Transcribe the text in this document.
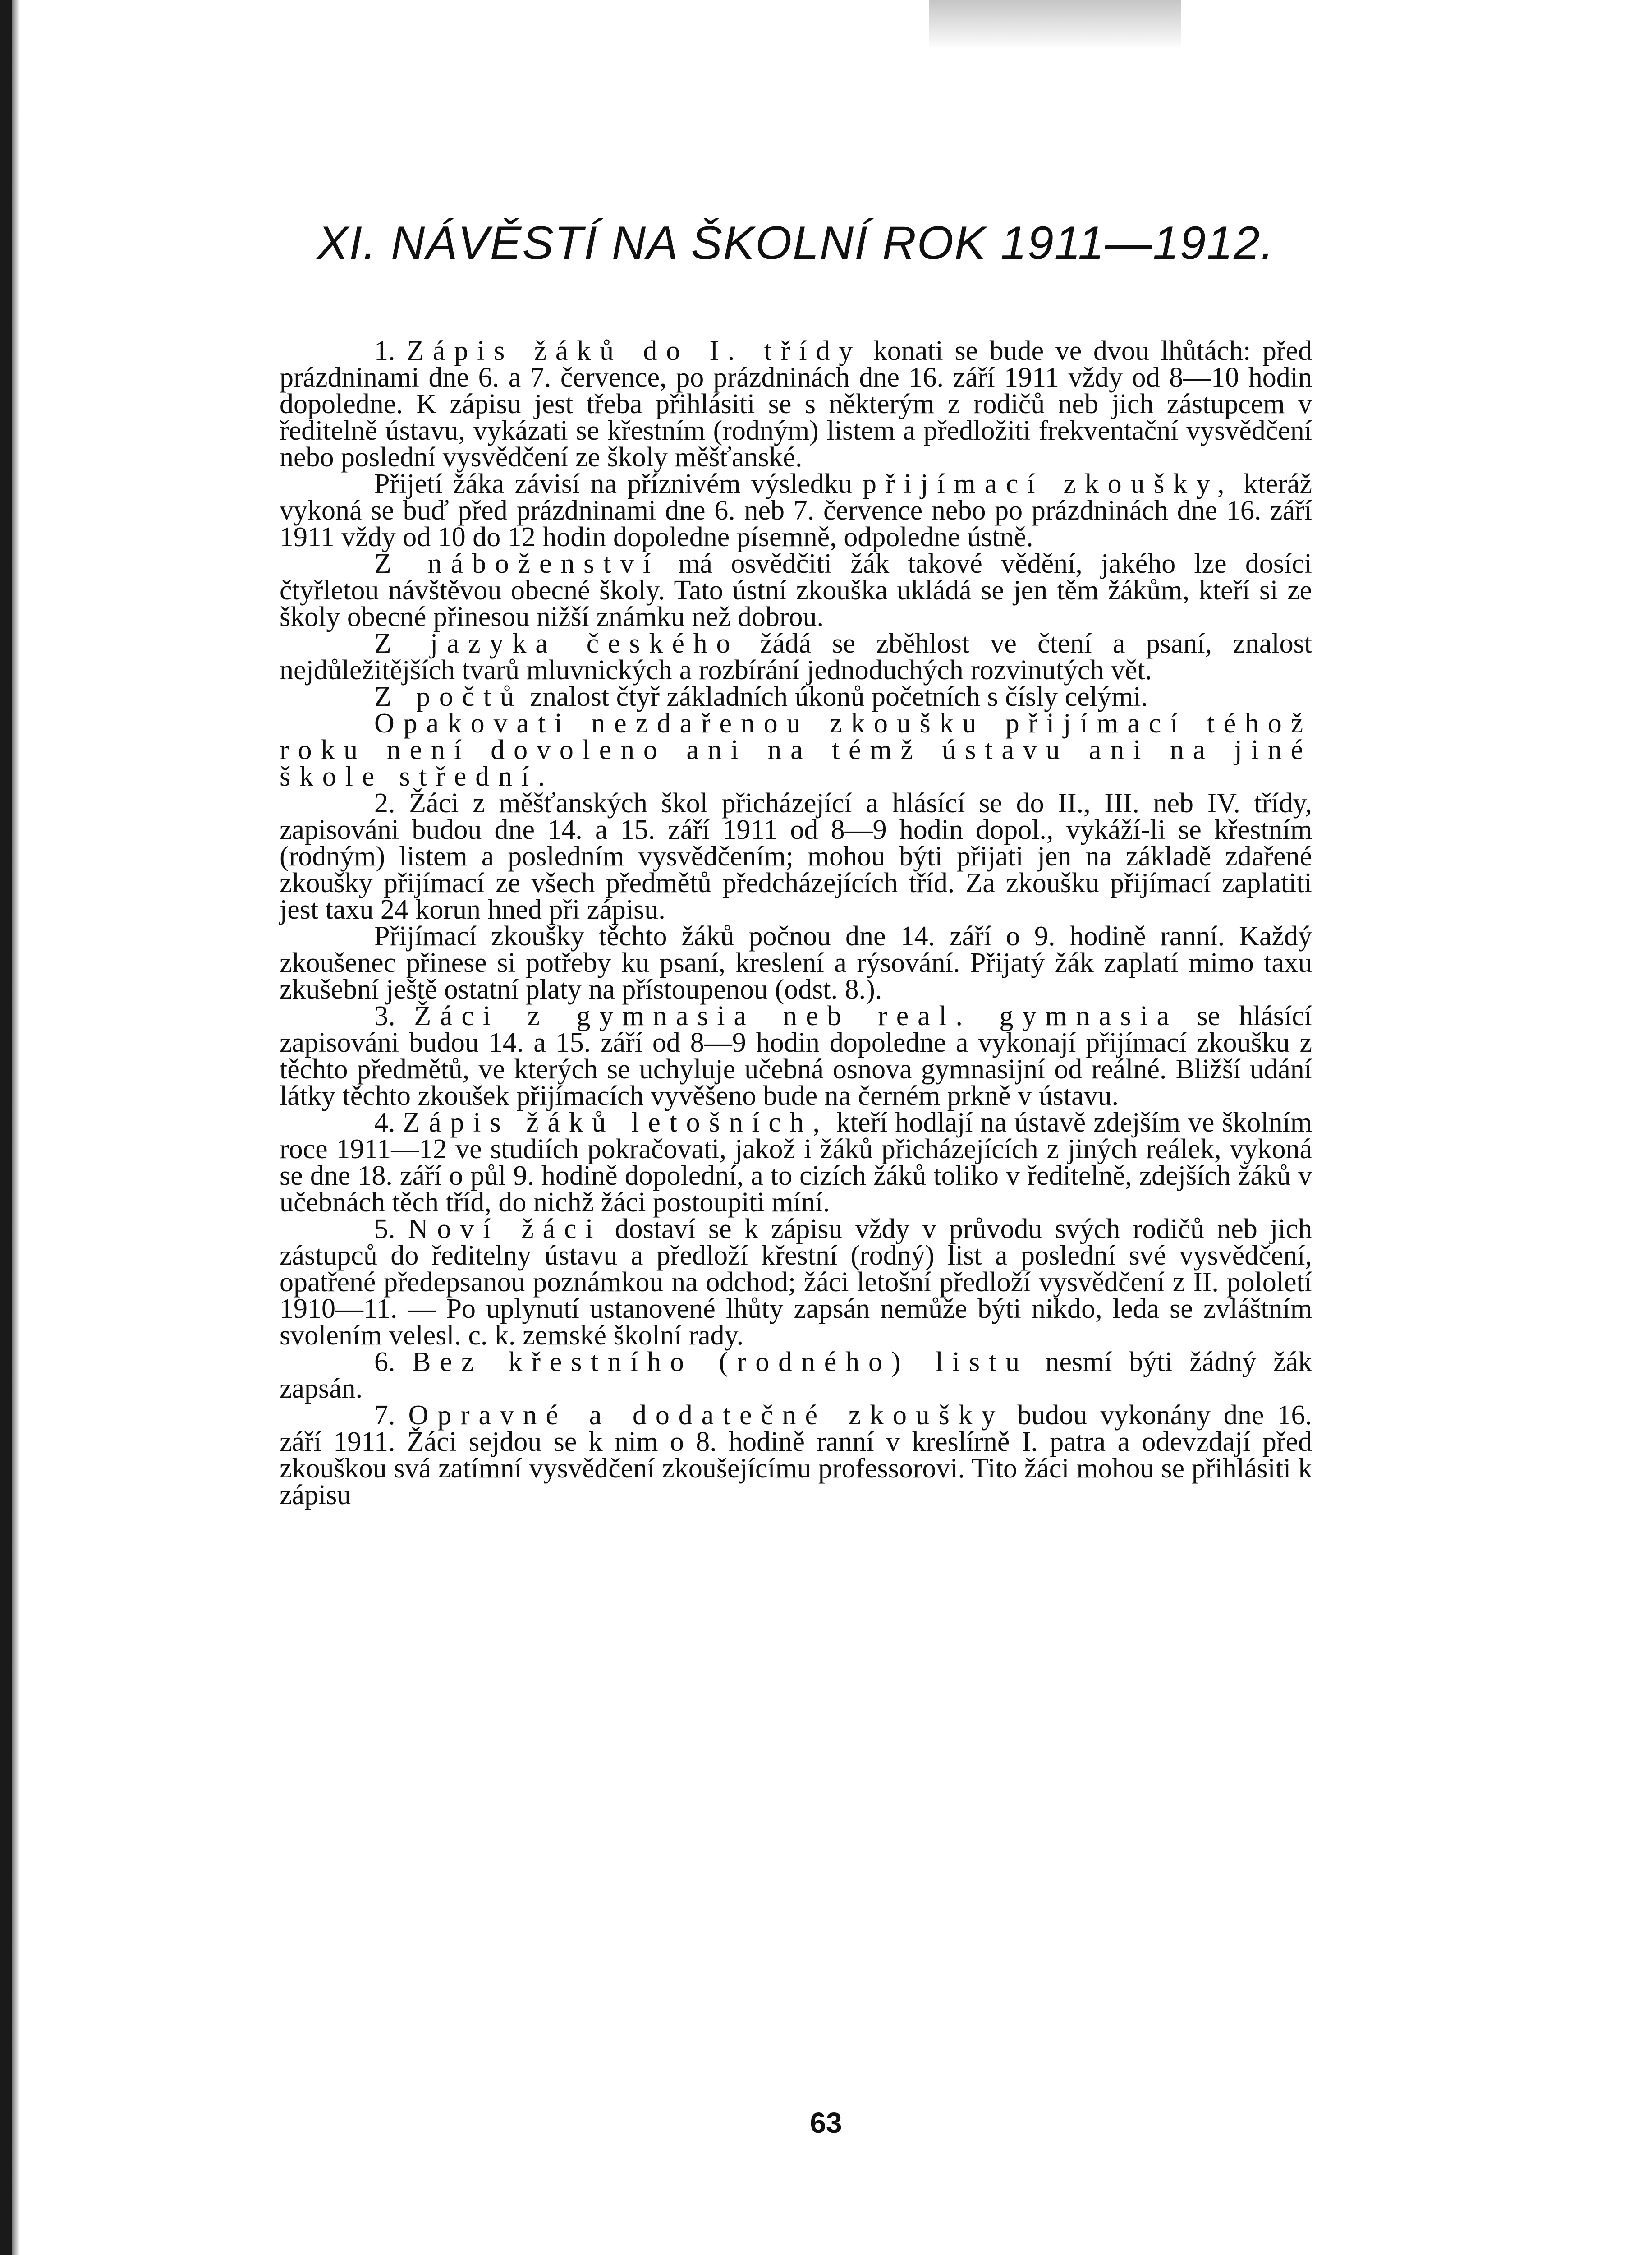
XI. NÁVĚSTÍ NA ŠKOLNÍ ROK 1911—1912.

1. Zápis žáků do I. třídy konati se bude ve dvou lhůtách: před prázdninami dne 6. a 7. července, po prázdninách dne 16. září 1911 vždy od 8—10 hodin dopoledne. K zápisu jest třeba přihlásiti se s některým z rodičů neb jich zástupcem v ředitelně ústavu, vykázati se křestním (rodným) listem a předložiti frekventační vysvědčení nebo poslední vysvědčení ze školy měšťanské.

Přijetí žáka závisí na příznivém výsledku přijímací zkoušky, kteráž vykoná se buď před prázdninami dne 6. neb 7. července nebo po prázdninách dne 16. září 1911 vždy od 10 do 12 hodin dopoledne písemně, odpoledne ústně.

Z náboženství má osvědčiti žák takové vědění, jakého lze dosíci čtyřletou návštěvou obecné školy. Tato ústní zkouška ukládá se jen těm žákům, kteří si ze školy obecné přinesou nižší známku než dobrou.

Z jazyka českého žádá se zběhlost ve čtení a psaní, znalost nejdůležitějších tvarů mluvnických a rozbírání jednoduchých rozvinutých vět.

Z počtů znalost čtyř základních úkonů početních s čísly celými.

Opakovati nezdařenou zkoušku přijímací téhož roku není dovoleno ani na témž ústavu ani na jiné škole střední.

2. Žáci z měšťanských škol přicházející a hlásící se do II., III. neb IV. třídy, zapisováni budou dne 14. a 15. září 1911 od 8—9 hodin dopol., vykáží-li se křestním (rodným) listem a posledním vysvědčením; mohou býti přijati jen na základě zdařené zkoušky přijímací ze všech předmětů předcházejících tříd. Za zkoušku přijímací zaplatiti jest taxu 24 korun hned při zápisu.

Přijímací zkoušky těchto žáků počnou dne 14. září o 9. hodině ranní. Každý zkoušenec přinese si potřeby ku psaní, kreslení a rýsování. Přijatý žák zaplatí mimo taxu zkušební ještě ostatní platy na přístoupenou (odst. 8.).

3. Žáci z gymnasia neb real. gymnasia se hlásící zapisováni budou 14. a 15. září od 8—9 hodin dopoledne a vykonají přijímací zkoušku z těchto předmětů, ve kterých se uchyluje učebná osnova gymnasijní od reálné. Bližší udání látky těchto zkoušek přijímacích vyvěšeno bude na černém prkně v ústavu.

4. Zápis žáků letošních, kteří hodlají na ústavě zdejším ve školním roce 1911—12 ve studiích pokračovati, jakož i žáků přicházejících z jiných reálek, vykoná se dne 18. září o půl 9. hodině dopolední, a to cizích žáků toliko v ředitelně, zdejších žáků v učebnách těch tříd, do nichž žáci postoupiti míní.

5. Noví žáci dostaví se k zápisu vždy v průvodu svých rodičů neb jich zástupců do ředitelny ústavu a předloží křestní (rodný) list a poslední své vysvědčení, opatřené předepsanou poznámkou na odchod; žáci letošní předloží vysvědčení z II. pololetí 1910—11. — Po uplynutí ustanovené lhůty zapsán nemůže býti nikdo, leda se zvláštním svolením velesl. c. k. zemské školní rady.

6. Bez křestního (rodného) listu nesmí býti žádný žák zapsán.

7. Opravné a dodatečné zkoušky budou vykonány dne 16. září 1911. Žáci sejdou se k nim o 8. hodině ranní v kreslírně I. patra a odevzdají před zkouškou svá zatímní vysvědčení zkoušejícímu professorovi. Tito žáci mohou se přihlásiti k zápisu

63
